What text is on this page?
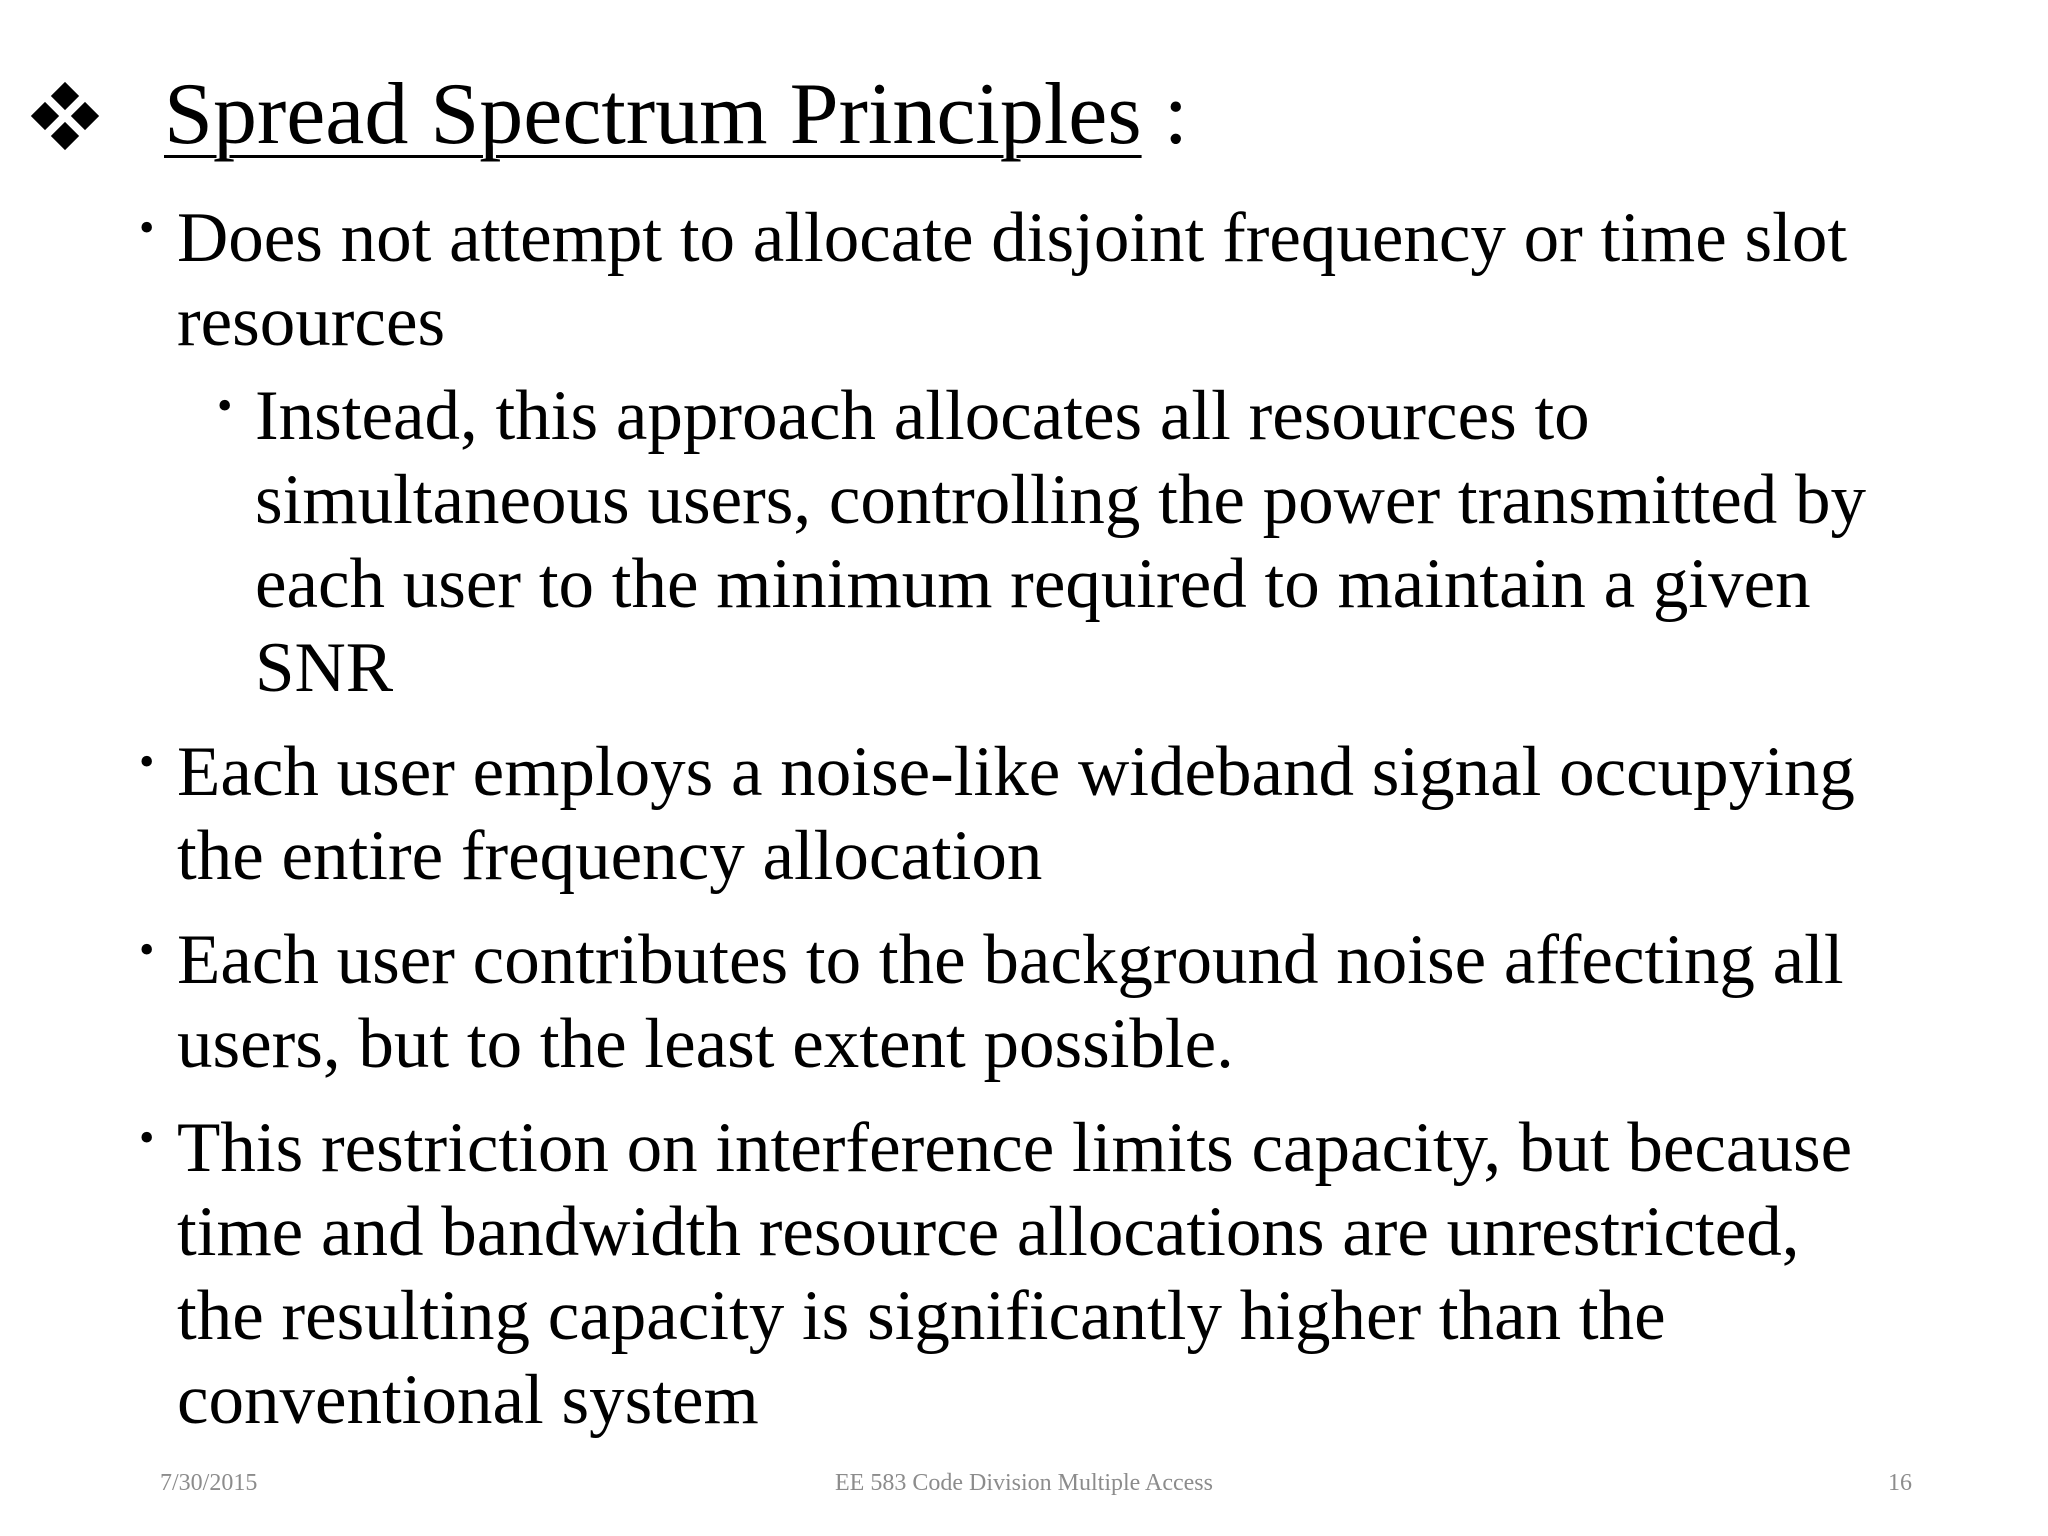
Spread Spectrum Principles :
• Does not attempt to allocate disjoint frequency or time slot resources
• Instead, this approach allocates all resources to simultaneous users, controlling the power transmitted by each user to the minimum required to maintain a given SNR
• Each user employs a noise-like wideband signal occupying the entire frequency allocation
• Each user contributes to the background noise affecting all users, but to the least extent possible.
• This restriction on interference limits capacity, but because time and bandwidth resource allocations are unrestricted, the resulting capacity is significantly higher than the conventional system
7/30/2015	EE 583 Code Division Multiple Access	16
